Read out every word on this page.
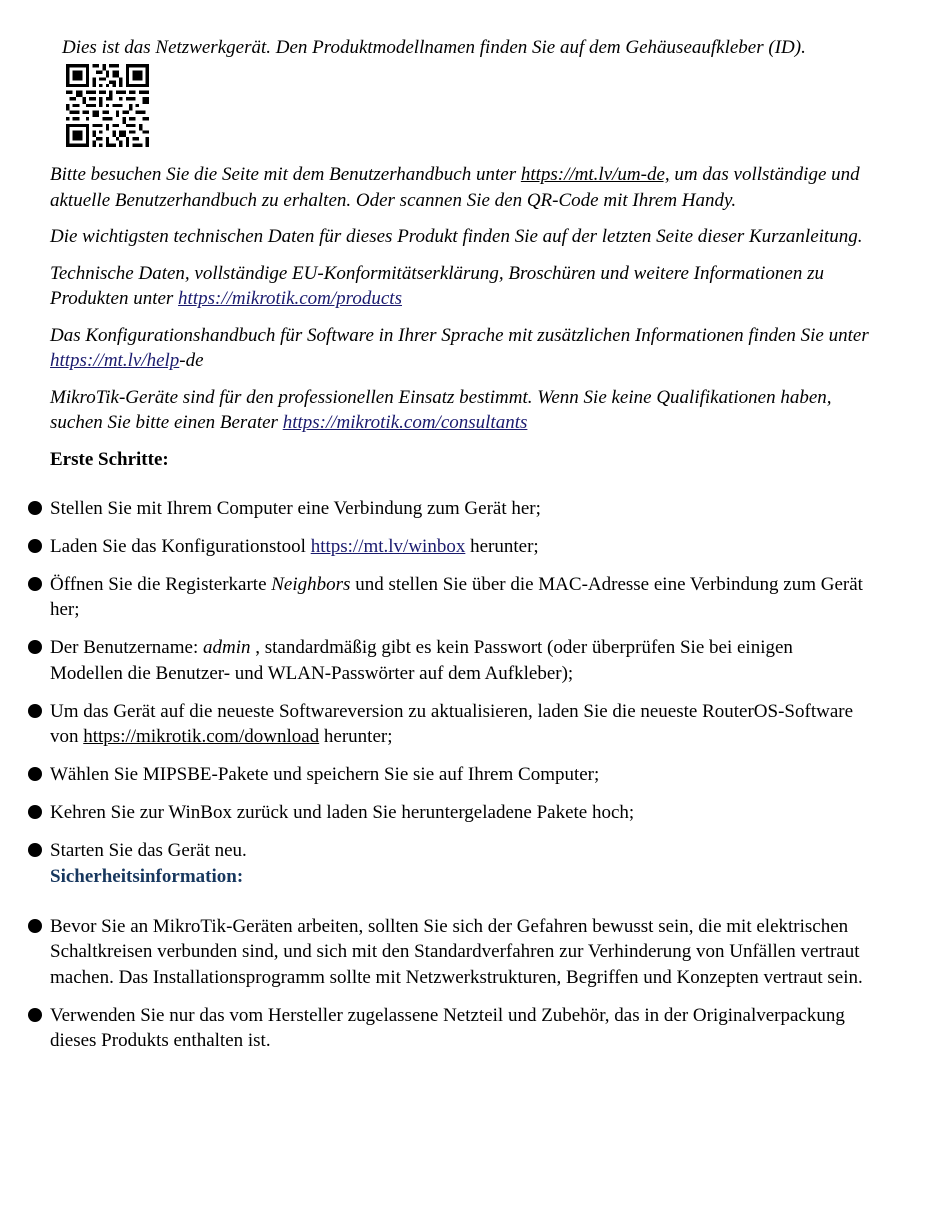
Dies ist das Netzwerkgerät. Den Produktmodellnamen finden Sie auf dem Gehäuseaufkleber (ID).

Bitte besuchen Sie die Seite mit dem Benutzerhandbuch unter https://mt.lv/um-de, um das vollständige und aktuelle Benutzerhandbuch zu erhalten. Oder scannen Sie den QR-Code mit Ihrem Handy.

Die wichtigsten technischen Daten für dieses Produkt finden Sie auf der letzten Seite dieser Kurzanleitung.

Technische Daten, vollständige EU-Konformitätserklärung, Broschüren und weitere Informationen zu Produkten unter https://mikrotik.com/products

Das Konfigurationshandbuch für Software in Ihrer Sprache mit zusätzlichen Informationen finden Sie unter https://mt.lv/help-de

MikroTik-Geräte sind für den professionellen Einsatz bestimmt. Wenn Sie keine Qualifikationen haben, suchen Sie bitte einen Berater https://mikrotik.com/consultants

Erste Schritte:
Stellen Sie mit Ihrem Computer eine Verbindung zum Gerät her;
Laden Sie das Konfigurationstool https://mt.lv/winbox herunter;
Öffnen Sie die Registerkarte Neighbors und stellen Sie über die MAC-Adresse eine Verbindung zum Gerät her;
Der Benutzername: admin , standardmäßig gibt es kein Passwort (oder überprüfen Sie bei einigen Modellen die Benutzer- und WLAN-Passwörter auf dem Aufkleber);
Um das Gerät auf die neueste Softwareversion zu aktualisieren, laden Sie die neueste RouterOS-Software von https://mikrotik.com/download herunter;
Wählen Sie MIPSBE-Pakete und speichern Sie sie auf Ihrem Computer;
Kehren Sie zur WinBox zurück und laden Sie heruntergeladene Pakete hoch;
Starten Sie das Gerät neu.
Sicherheitsinformation:
Bevor Sie an MikroTik-Geräten arbeiten, sollten Sie sich der Gefahren bewusst sein, die mit elektrischen Schaltkreisen verbunden sind, und sich mit den Standardverfahren zur Verhinderung von Unfällen vertraut machen. Das Installationsprogramm sollte mit Netzwerkstrukturen, Begriffen und Konzepten vertraut sein.
Verwenden Sie nur das vom Hersteller zugelassene Netzteil und Zubehör, das in der Originalverpackung dieses Produkts enthalten ist.
